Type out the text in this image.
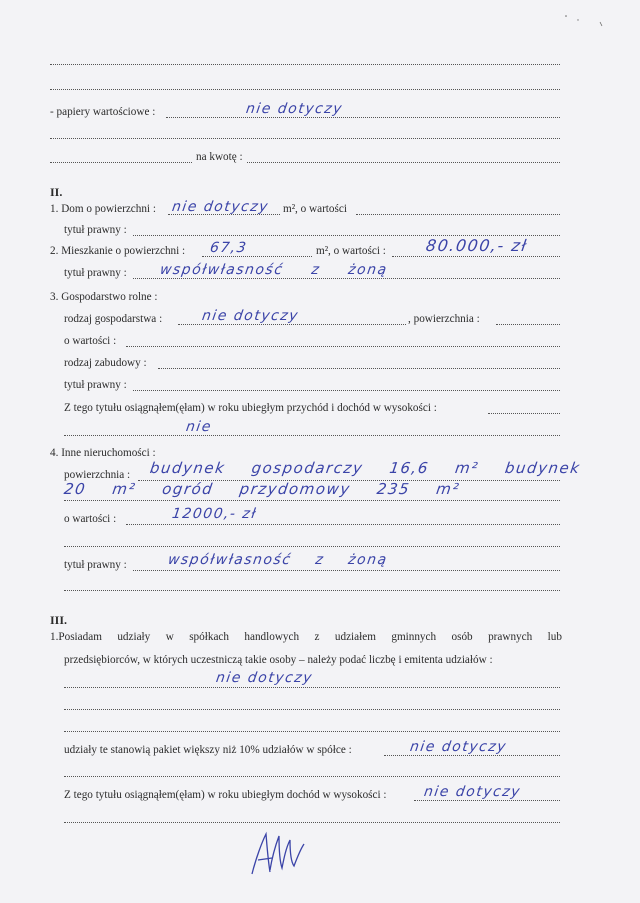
- papiery wartościowe :	nie dotyczy
na kwotę :
II.
1. Dom o powierzchni : nie dotyczy m², o wartości
tytuł prawny :
2. Mieszkanie o powierzchni : 67,3	m², o wartości : 80.000,- zł
tytuł prawny : współwłasność z żoną
3. Gospodarstwo rolne :
rodzaj gospodarstwa :	nie dotyczy	, powierzchnia :
o wartości :
rodzaj zabudowy :
tytuł prawny :
Z tego tytułu osiągnąłem(ęłam) w roku ubiegłym przychód i dochód w wysokości :
nie
4. Inne nieruchomości :
powierzchnia : budynek gospodarczy 16,6 m² budynek
20 m² ogród przydomowy 235 m²
o wartości :	12000,- zł
tytuł prawny :	współwłasność z żoną
III.
1.Posiadam udziały w spółkach handlowych z udziałem gminnych osób prawnych lub
przedsiębiorców, w których uczestniczą takie osoby – należy podać liczbę i emitenta udziałów :
nie dotyczy
udziały te stanowią pakiet większy niż 10% udziałów w spółce :	nie dotyczy
Z tego tytułu osiągnąłem(ęłam) w roku ubiegłym dochód w wysokości :	nie dotyczy
